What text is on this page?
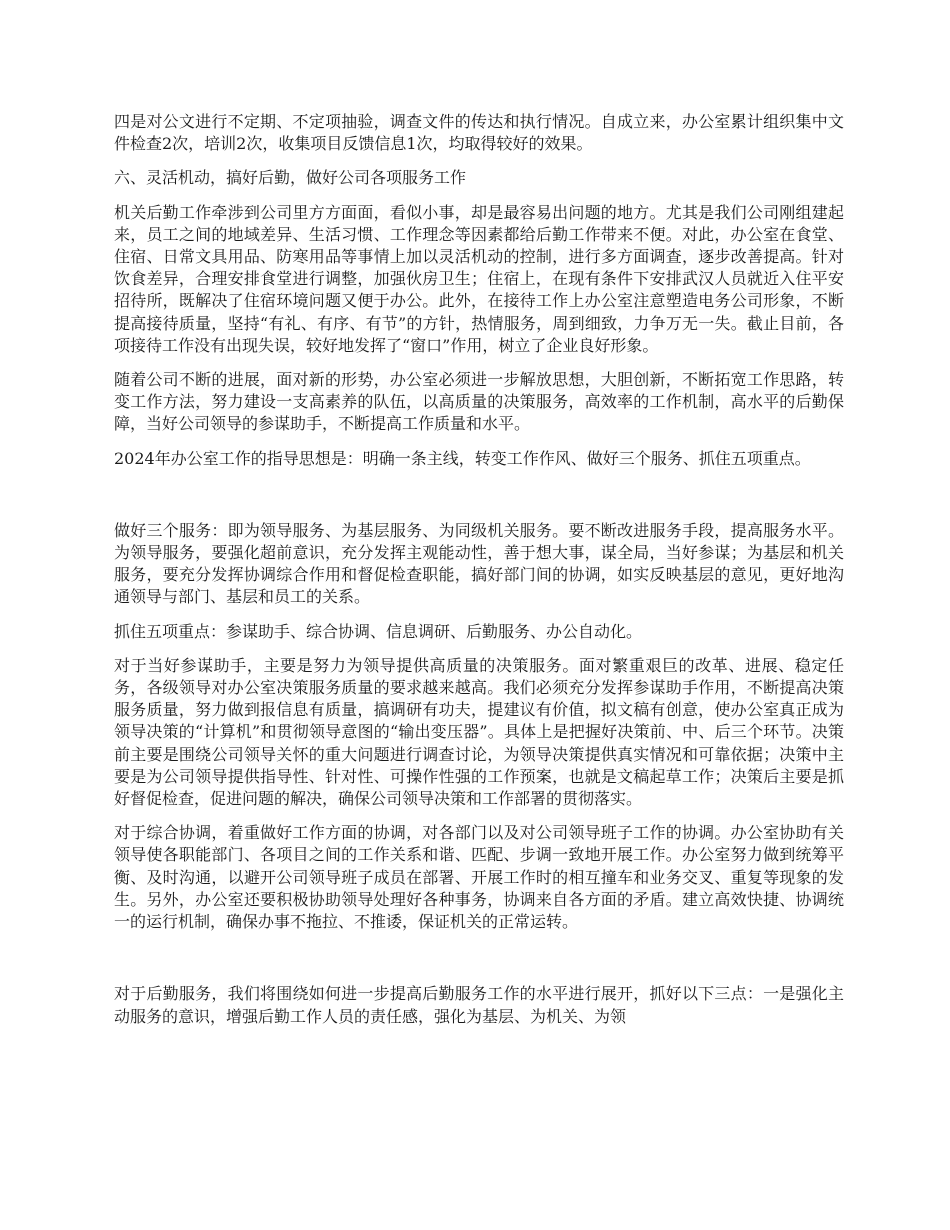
四是对公文进行不定期、不定项抽验，调查文件的传达和执行情况。自成立来，办公室累计组织集中文件检查2次，培训2次，收集项目反馈信息1次，均取得较好的效果。

六、灵活机动，搞好后勤，做好公司各项服务工作

机关后勤工作牵涉到公司里方方面面，看似小事，却是最容易出问题的地方。尤其是我们公司刚组建起来，员工之间的地域差异、生活习惯、工作理念等因素都给后勤工作带来不便。对此，办公室在食堂、住宿、日常文具用品、防寒用品等事情上加以灵活机动的控制，进行多方面调查，逐步改善提高。针对饮食差异，合理安排食堂进行调整，加强伙房卫生；住宿上，在现有条件下安排武汉人员就近入住平安招待所，既解决了住宿环境问题又便于办公。此外，在接待工作上办公室注意塑造电务公司形象，不断提高接待质量，坚持“有礼、有序、有节”的方针，热情服务，周到细致，力争万无一失。截止目前，各项接待工作没有出现失误，较好地发挥了“窗口”作用，树立了企业良好形象。

随着公司不断的进展，面对新的形势，办公室必须进一步解放思想，大胆创新，不断拓宽工作思路，转变工作方法，努力建设一支高素养的队伍，以高质量的决策服务，高效率的工作机制，高水平的后勤保障，当好公司领导的参谋助手，不断提高工作质量和水平。

2024年办公室工作的指导思想是：明确一条主线，转变工作作风、做好三个服务、抓住五项重点。

做好三个服务：即为领导服务、为基层服务、为同级机关服务。要不断改进服务手段，提高服务水平。为领导服务，要强化超前意识，充分发挥主观能动性，善于想大事，谋全局，当好参谋；为基层和机关服务，要充分发挥协调综合作用和督促检查职能，搞好部门间的协调，如实反映基层的意见，更好地沟通领导与部门、基层和员工的关系。

抓住五项重点：参谋助手、综合协调、信息调研、后勤服务、办公自动化。

对于当好参谋助手，主要是努力为领导提供高质量的决策服务。面对繁重艰巨的改革、进展、稳定任务，各级领导对办公室决策服务质量的要求越来越高。我们必须充分发挥参谋助手作用，不断提高决策服务质量，努力做到报信息有质量，搞调研有功夫，提建议有价值，拟文稿有创意，使办公室真正成为领导决策的“计算机”和贯彻领导意图的“输出变压器”。具体上是把握好决策前、中、后三个环节。决策前主要是围绕公司领导关怀的重大问题进行调查讨论，为领导决策提供真实情况和可靠依据；决策中主要是为公司领导提供指导性、针对性、可操作性强的工作预案，也就是文稿起草工作；决策后主要是抓好督促检查，促进问题的解决，确保公司领导决策和工作部署的贯彻落实。

对于综合协调，着重做好工作方面的协调，对各部门以及对公司领导班子工作的协调。办公室协助有关领导使各职能部门、各项目之间的工作关系和谐、匹配、步调一致地开展工作。办公室努力做到统筹平衡、及时沟通，以避开公司领导班子成员在部署、开展工作时的相互撞车和业务交叉、重复等现象的发生。另外，办公室还要积极协助领导处理好各种事务，协调来自各方面的矛盾。建立高效快捷、协调统一的运行机制，确保办事不拖拉、不推诿，保证机关的正常运转。

对于后勤服务，我们将围绕如何进一步提高后勤服务工作的水平进行展开，抓好以下三点：一是强化主动服务的意识，增强后勤工作人员的责任感，强化为基层、为机关、为领
